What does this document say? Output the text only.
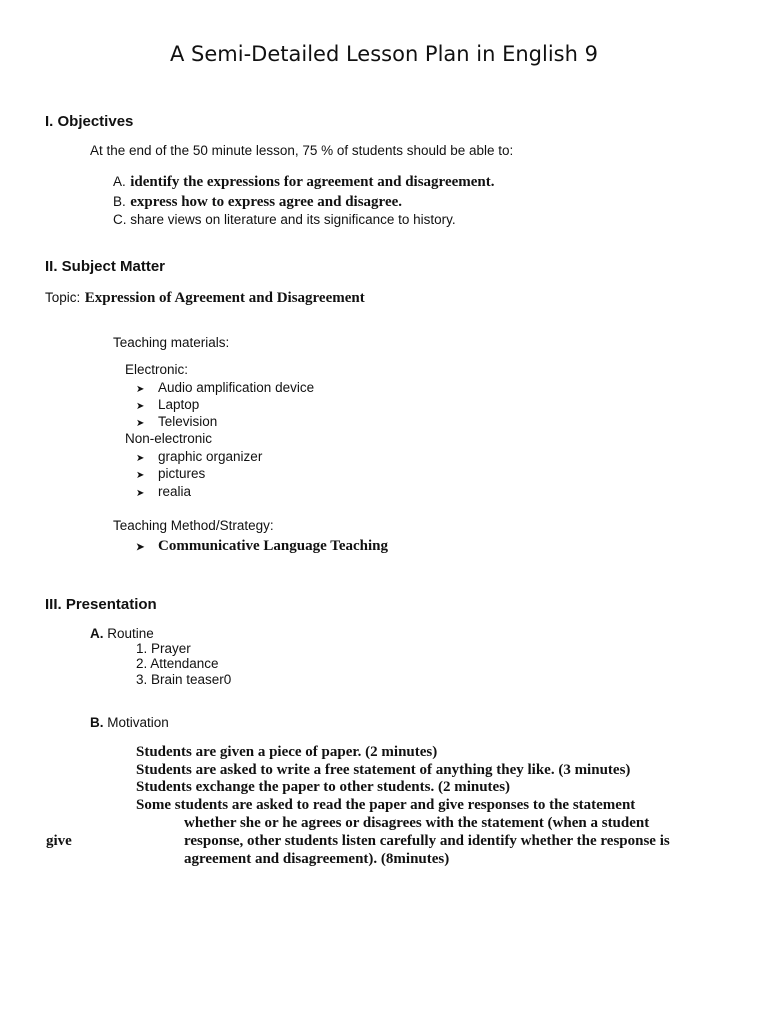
A Semi-Detailed Lesson Plan in English 9
I. Objectives
At the end of the 50 minute lesson, 75 % of students should be able to:
A. identify the expressions for agreement and disagreement.
B. express how to express agree and disagree.
C. share views on literature and its significance to history.
II. Subject Matter
Topic: Expression of Agreement and Disagreement
Teaching materials:
Electronic:
➤ Audio amplification device
➤ Laptop
➤ Television
Non-electronic
➤ graphic organizer
➤ pictures
➤ realia
Teaching Method/Strategy:
➤ Communicative Language Teaching
III. Presentation
A. Routine
1. Prayer
2. Attendance
3. Brain teaser0
B. Motivation
Students are given a piece of paper. (2 minutes)
Students are asked to write a free statement of anything they like. (3 minutes)
Students exchange the paper to other students. (2 minutes)
Some students are asked to read the paper and give responses to the statement
whether she or he agrees or disagrees with the statement (when a student
give	response, other students listen carefully and identify whether the response is
agreement and disagreement). (8minutes)
